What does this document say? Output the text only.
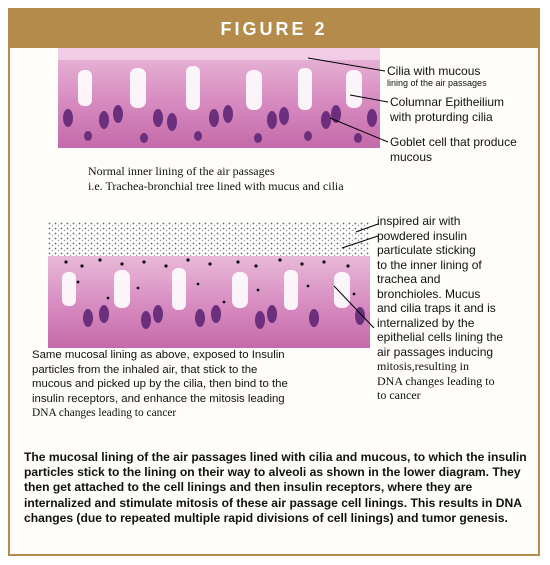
FIGURE 2
Cilia with mucous
lining of the air passages
Columnar Epitheilium
with proturding cilia
Goblet cell that produce
mucous
Normal inner lining of the air passages
i.e. Trachea-bronchial tree lined with mucus and cilia
inspired air with
powdered insulin
particulate sticking
to the inner lining of
trachea and
bronchioles. Mucus
and cilia traps it and is
internalized by the
epithelial cells lining the
air passages inducing
mitosis,resulting in
DNA changes leading to
to cancer
Same mucosal lining as above, exposed to Insulin
particles from the inhaled air, that stick to the
mucous and picked up by the cilia, then bind to the
insulin receptors, and enhance the mitosis leading
DNA changes leading to cancer
The mucosal lining of the air passages lined with cilia and mucous, to which the insulin particles stick to the lining on their way to alveoli as shown in the lower diagram. They then get attached to the cell linings and then insulin receptors, where they are internalized and stimulate mitosis of these air passage cell linings. This results in DNA changes (due to repeated multiple rapid divisions of cell linings) and tumor genesis.
